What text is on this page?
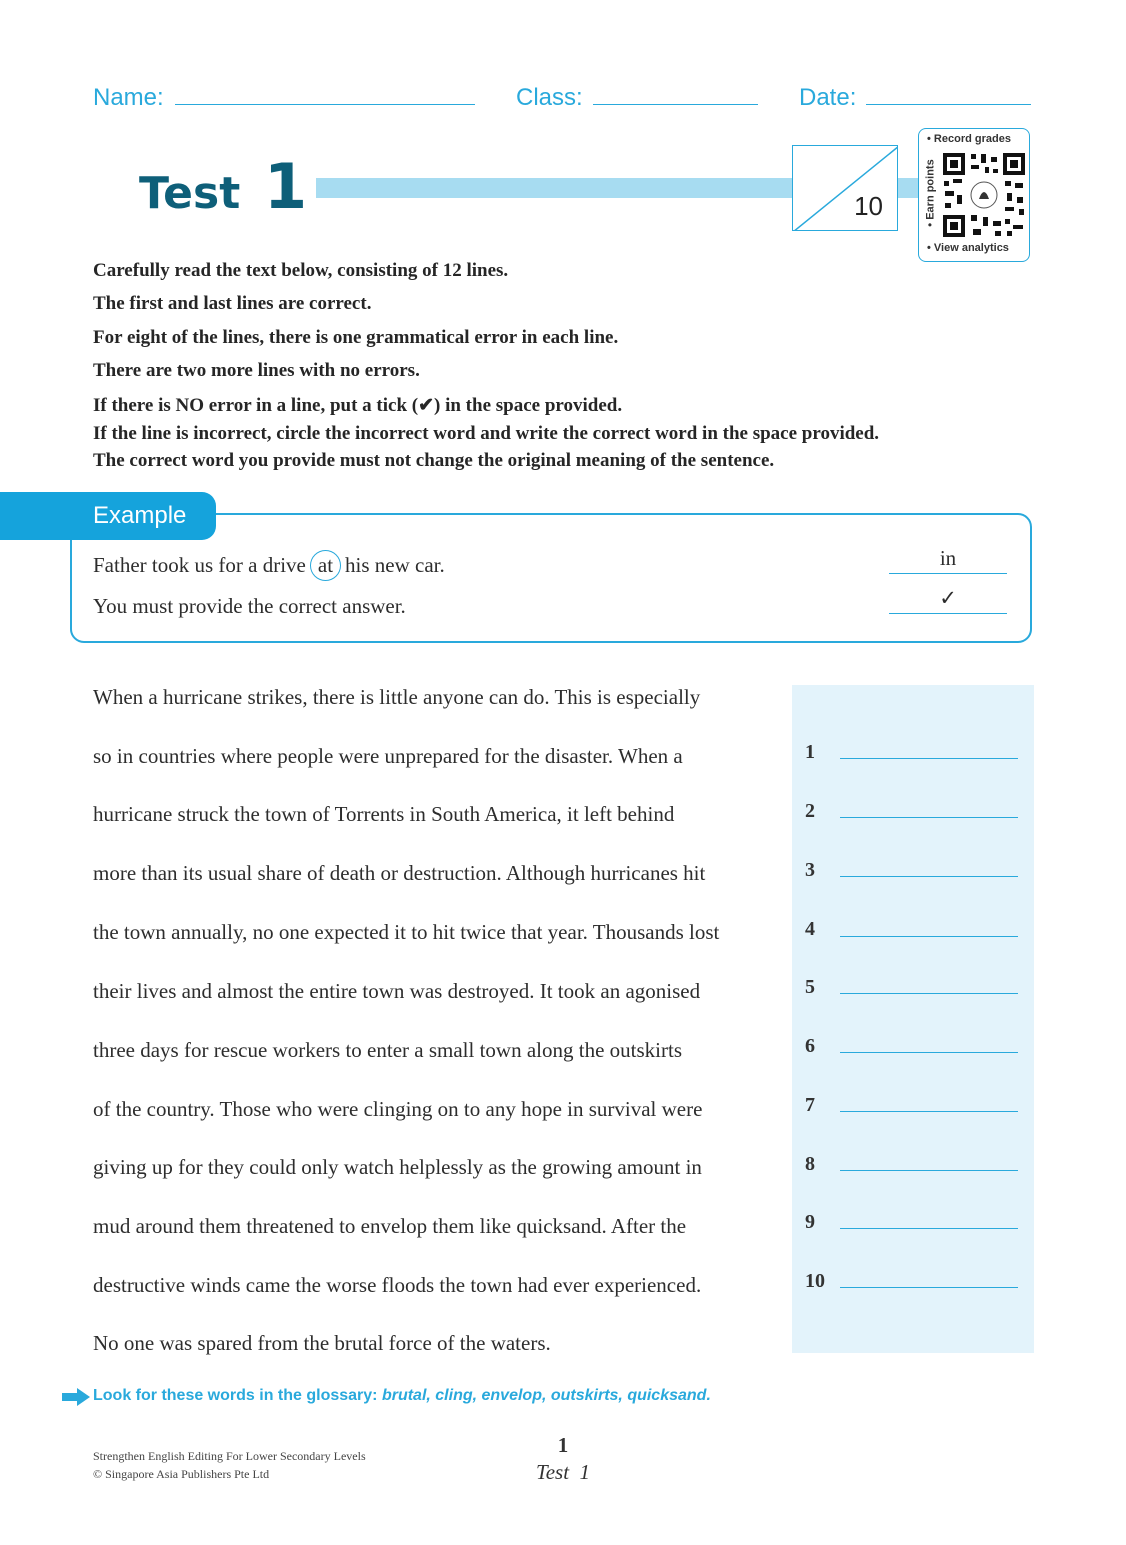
Name:	Class:	Date:
Test 1	10
• Record grades
• Earn points
• View analytics
Carefully read the text below, consisting of 12 lines.
The first and last lines are correct.
For eight of the lines, there is one grammatical error in each line.
There are two more lines with no errors.
If there is NO error in a line, put a tick (✔) in the space provided.
If the line is incorrect, circle the incorrect word and write the correct word in the space provided.
The correct word you provide must not change the original meaning of the sentence.
Example
Father took us for a drive at his new car.	in
You must provide the correct answer.	✓
When a hurricane strikes, there is little anyone can do. This is especially
so in countries where people were unprepared for the disaster. When a
hurricane struck the town of Torrents in South America, it left behind
more than its usual share of death or destruction. Although hurricanes hit
the town annually, no one expected it to hit twice that year. Thousands lost
their lives and almost the entire town was destroyed. It took an agonised
three days for rescue workers to enter a small town along the outskirts
of the country. Those who were clinging on to any hope in survival were
giving up for they could only watch helplessly as the growing amount in
mud around them threatened to envelop them like quicksand. After the
destructive winds came the worse floods the town had ever experienced.
No one was spared from the brutal force of the waters.
1
2
3
4
5
6
7
8
9
10
Look for these words in the glossary: brutal, cling, envelop, outskirts, quicksand.
Strengthen English Editing For Lower Secondary Levels
© Singapore Asia Publishers Pte Ltd
1
Test  1
